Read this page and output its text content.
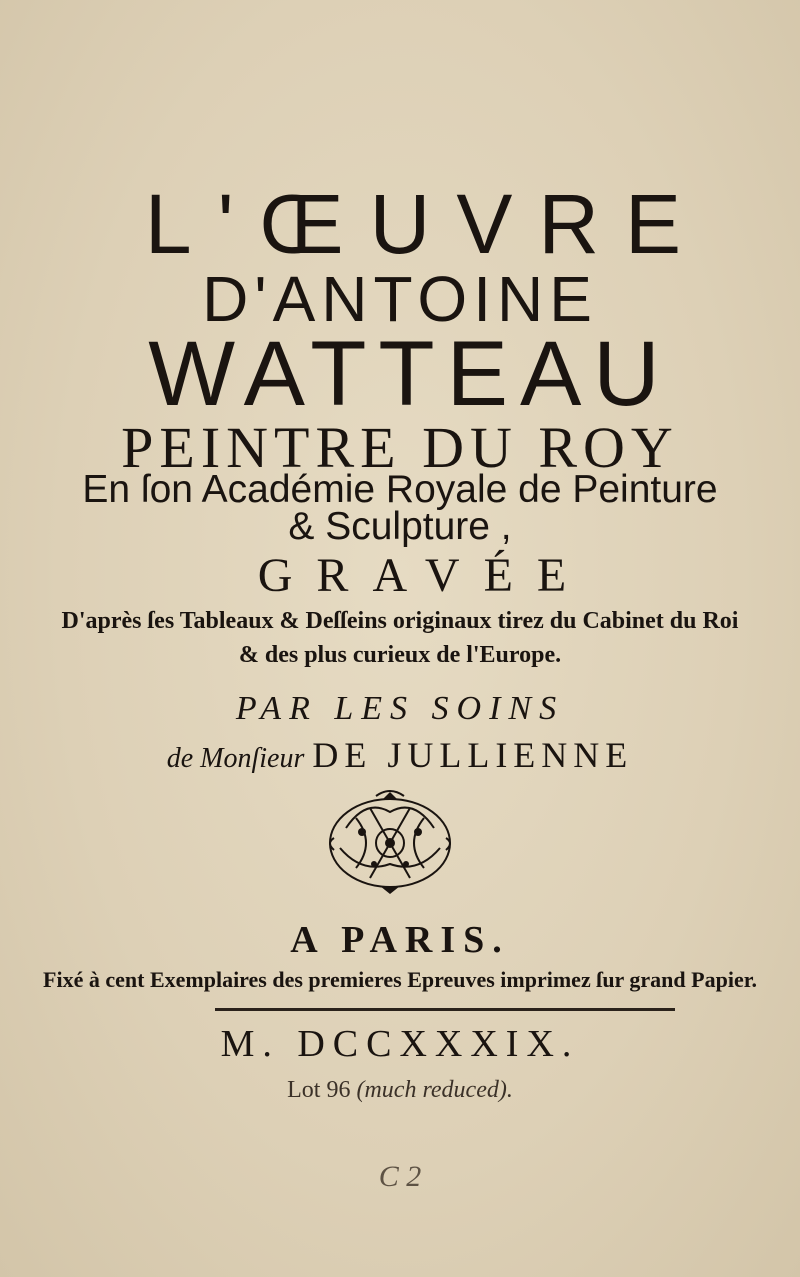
L'ŒUVRE
D'ANTOINE
WATTEAU
PEINTRE DU ROY
En ſon Académie Royale de Peinture
& Sculpture ,
GRAVÉE
D'après ſes Tableaux & Deſſeins originaux tirez du Cabinet du Roi
& des plus curieux de l'Europe.
PAR LES SOINS
de Monſieur DE JULLIENNE
A PARIS.
Fixé à cent Exemplaires des premieres Epreuves imprimez ſur grand Papier.
M. DCCXXXIX.
Lot 96 (much reduced).
C 2
